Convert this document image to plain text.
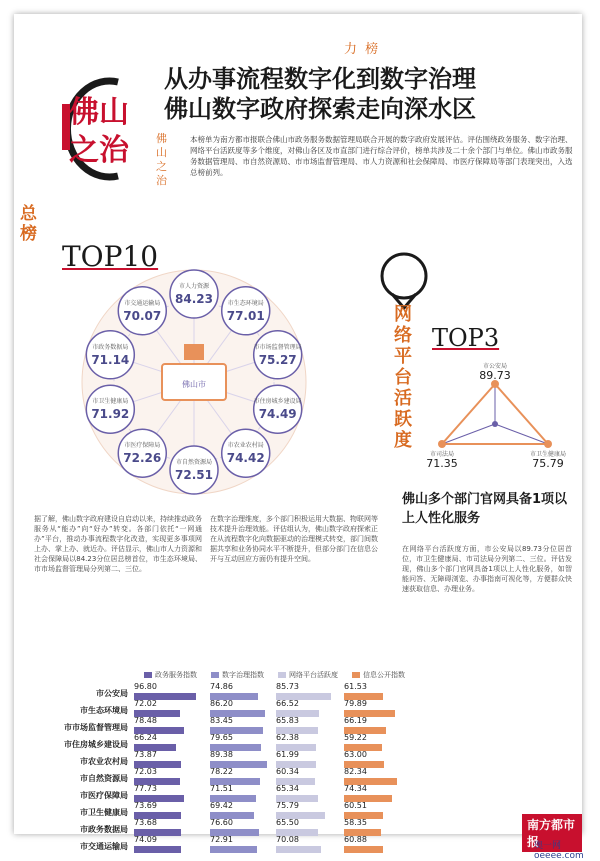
力 榜
从办事流程数字化到数字治理
佛山数字政府探索走向深水区
佛山之治	佛山之治

本榜单为南方都市报联合佛山市政务服务数据管理局联合开展的数字政府发展评估。评估围绕政务服务、数字治理、网络平台活跃度等多个维度，对佛山各区及市直部门进行综合评价，榜单共涉及二十余个部门与单位。佛山市政务服务数据管理局、市自然资源局、市市场监督管理局、市人力资源和社会保障局、市医疗保障局等部门表现突出，入选总榜前列。

总榜
TOP10
佛山市
市人力资源
84.23 市生态环境局
77.01
市市场监督管理局
75.27
市住房城乡建设局
74.49
市农业农村局
74.42
市自然资源局
72.51
市医疗保障局
72.26
市卫生健康局
71.92
市政务数据局
71.14
市交通运输局
70.07	网络平台活跃度
TOP3
市公安局
89.73
市司法局
71.35
市卫生健康局
75.79
佛山多个部门官网具备1项以上人性化服务

据了解，佛山数字政府建设自启动以来，持续推动政务服务从“能办”向“好办”转变。各部门依托“一网通办”平台，推动办事流程数字化改造，实现更多事项网上办、掌上办、就近办。评估显示，佛山市人力资源和社会保障局以84.23分位居总榜首位，市生态环境局、市市场监督管理局分列第二、三位。

在数字治理维度，多个部门积极运用大数据、物联网等技术提升治理效能。评估组认为，佛山数字政府探索正在从流程数字化向数据驱动的治理模式转变，部门间数据共享和业务协同水平不断提升，但部分部门在信息公开与互动回应方面仍有提升空间。

在网络平台活跃度方面，市公安局以89.73分位居首位，市卫生健康局、市司法局分列第二、三位。评估发现，佛山多个部门官网具备1项以上人性化服务，如智能问答、无障碍浏览、办事指南可视化等，方便群众快速获取信息、办理业务。

政务服务指数	数字治理指数	网络平台活跃度	信息公开指数
市公安局
96.80	74.86	85.73	61.53
市生态环境局
72.02	86.20	66.52	79.89
市市场监督管理局
78.48	83.45	65.83	66.19
市住房城乡建设局
66.24	79.65	62.38	59.22
市农业农村局
73.87	89.38	61.99	63.00
市自然资源局
72.03	78.22	60.34	82.34
市医疗保障局
77.73	71.51	65.34	74.34
市卫生健康局
73.69	69.42	75.79	60.51
市政务数据局
73.68	76.60	65.50	58.35
市交通运输局
74.09	72.91	70.08	60.88
南方都市报
奥一网oeeee.com
